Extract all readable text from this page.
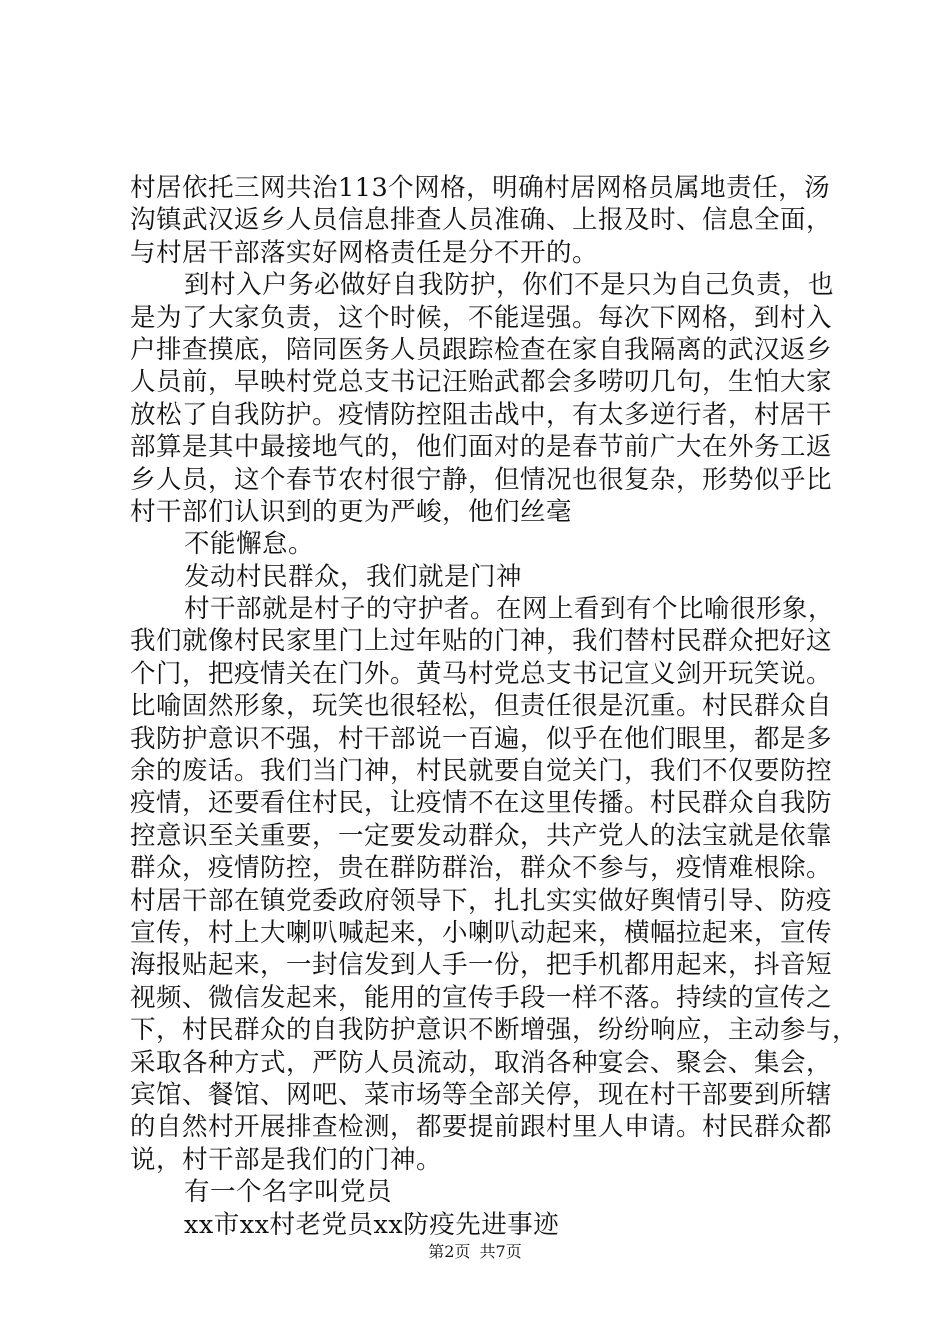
村居依托三网共治113个网格，明确村居网格员属地责任，汤
沟镇武汉返乡人员信息排查人员准确、上报及时、信息全面，
与村居干部落实好网格责任是分不开的。
到村入户务必做好自我防护，你们不是只为自己负责，也
是为了大家负责，这个时候，不能逞强。每次下网格，到村入
户排查摸底，陪同医务人员跟踪检查在家自我隔离的武汉返乡
人员前，早映村党总支书记汪贻武都会多唠叨几句，生怕大家
放松了自我防护。疫情防控阻击战中，有太多逆行者，村居干
部算是其中最接地气的，他们面对的是春节前广大在外务工返
乡人员，这个春节农村很宁静，但情况也很复杂，形势似乎比
村干部们认识到的更为严峻，他们丝毫
不能懈怠。
发动村民群众，我们就是门神
村干部就是村子的守护者。在网上看到有个比喻很形象，
我们就像村民家里门上过年贴的门神，我们替村民群众把好这
个门，把疫情关在门外。黄马村党总支书记宣义剑开玩笑说。
比喻固然形象，玩笑也很轻松，但责任很是沉重。村民群众自
我防护意识不强，村干部说一百遍，似乎在他们眼里，都是多
余的废话。我们当门神，村民就要自觉关门，我们不仅要防控
疫情，还要看住村民，让疫情不在这里传播。村民群众自我防
控意识至关重要，一定要发动群众，共产党人的法宝就是依靠
群众，疫情防控，贵在群防群治，群众不参与，疫情难根除。
村居干部在镇党委政府领导下，扎扎实实做好舆情引导、防疫
宣传，村上大喇叭喊起来，小喇叭动起来，横幅拉起来，宣传
海报贴起来，一封信发到人手一份，把手机都用起来，抖音短
视频、微信发起来，能用的宣传手段一样不落。持续的宣传之
下，村民群众的自我防护意识不断增强，纷纷响应，主动参与，
采取各种方式，严防人员流动，取消各种宴会、聚会、集会，
宾馆、餐馆、网吧、菜市场等全部关停，现在村干部要到所辖
的自然村开展排查检测，都要提前跟村里人申请。村民群众都
说，村干部是我们的门神。
有一个名字叫党员
xx市xx村老党员xx防疫先进事迹
第2页 共7页
